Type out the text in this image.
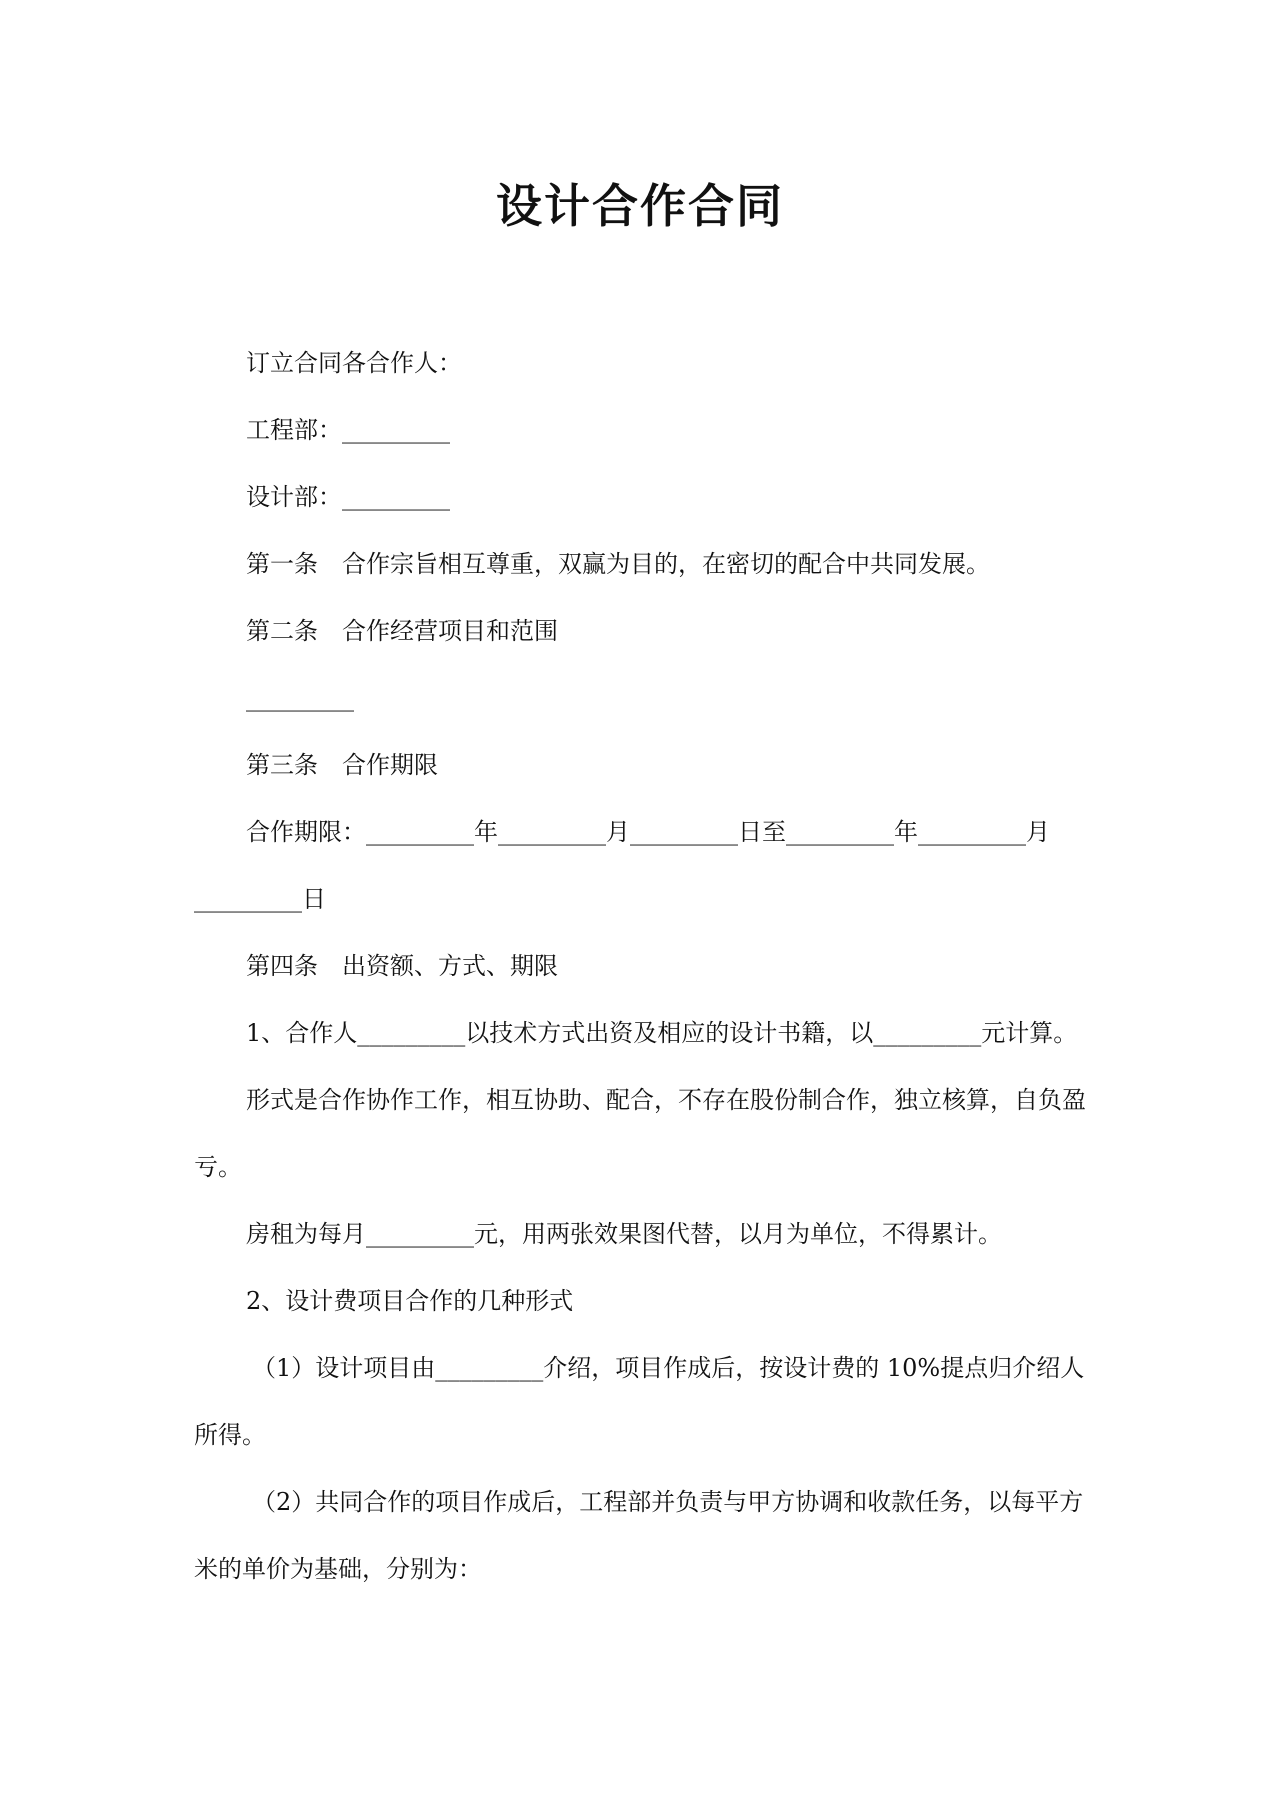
设计合作合同

订立合同各合作人：

工程部：_________

设计部：_________

第一条　合作宗旨相互尊重，双赢为目的，在密切的配合中共同发展。

第二条　合作经营项目和范围

_________

第三条　合作期限

合作期限：_________年_________月_________日至_________年_________月_________日

第四条　出资额、方式、期限

1、合作人_________以技术方式出资及相应的设计书籍，以_________元计算。

形式是合作协作工作，相互协助、配合，不存在股份制合作，独立核算，自负盈亏。

房租为每月_________元，用两张效果图代替，以月为单位，不得累计。

2、设计费项目合作的几种形式

（1）设计项目由_________介绍，项目作成后，按设计费的 10%提点归介绍人所得。

（2）共同合作的项目作成后，工程部并负责与甲方协调和收款任务，以每平方米的单价为基础，分别为：
